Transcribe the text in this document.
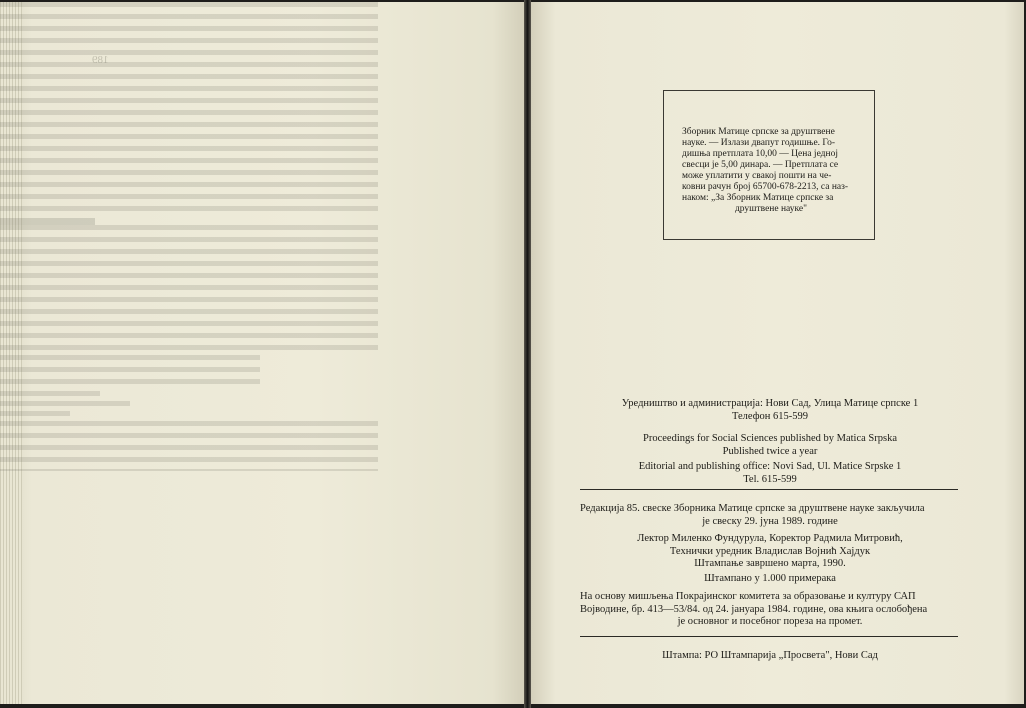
189

Зборник Матице српске за друштвене

науке. — Излази двапут годишње. Го-

дишња претплата 10,00 — Цена једној

свесци је 5,00 динара. — Претплата се

може уплатити у свакој пошти на че-

ковни рачун број 65700-678-2213, са наз-

наком: „За Зборник Матице српске за

друштвене науке"

Уредништво и администрација: Нови Сад, Улица Матице српске 1

Телефон 615-599

Proceedings for Social Sciences published by Matica Srpska

Published twice a year

Editorial and publishing office: Novi Sad, Ul. Matice Srpske 1

Tel. 615-599

Редакција 85. свеске Зборника Матице српске за друштвене науке закључила

је свеску 29. јуна 1989. године

Лектор Миленко Фундурула, Коректор Радмила Митровић,

Технички уредник Владислав Војнић Хајдук

Штампање завршено марта, 1990.

Штампано у 1.000 примерака

На основу мишљења Покрајинског комитета за образовање и културу САП

Војводине, бр. 413—53/84. од 24. јануара 1984. године, ова књига ослобођена

је основног и посебног пореза на промет.

Штампа: РО Штампарија „Просвета", Нови Сад
